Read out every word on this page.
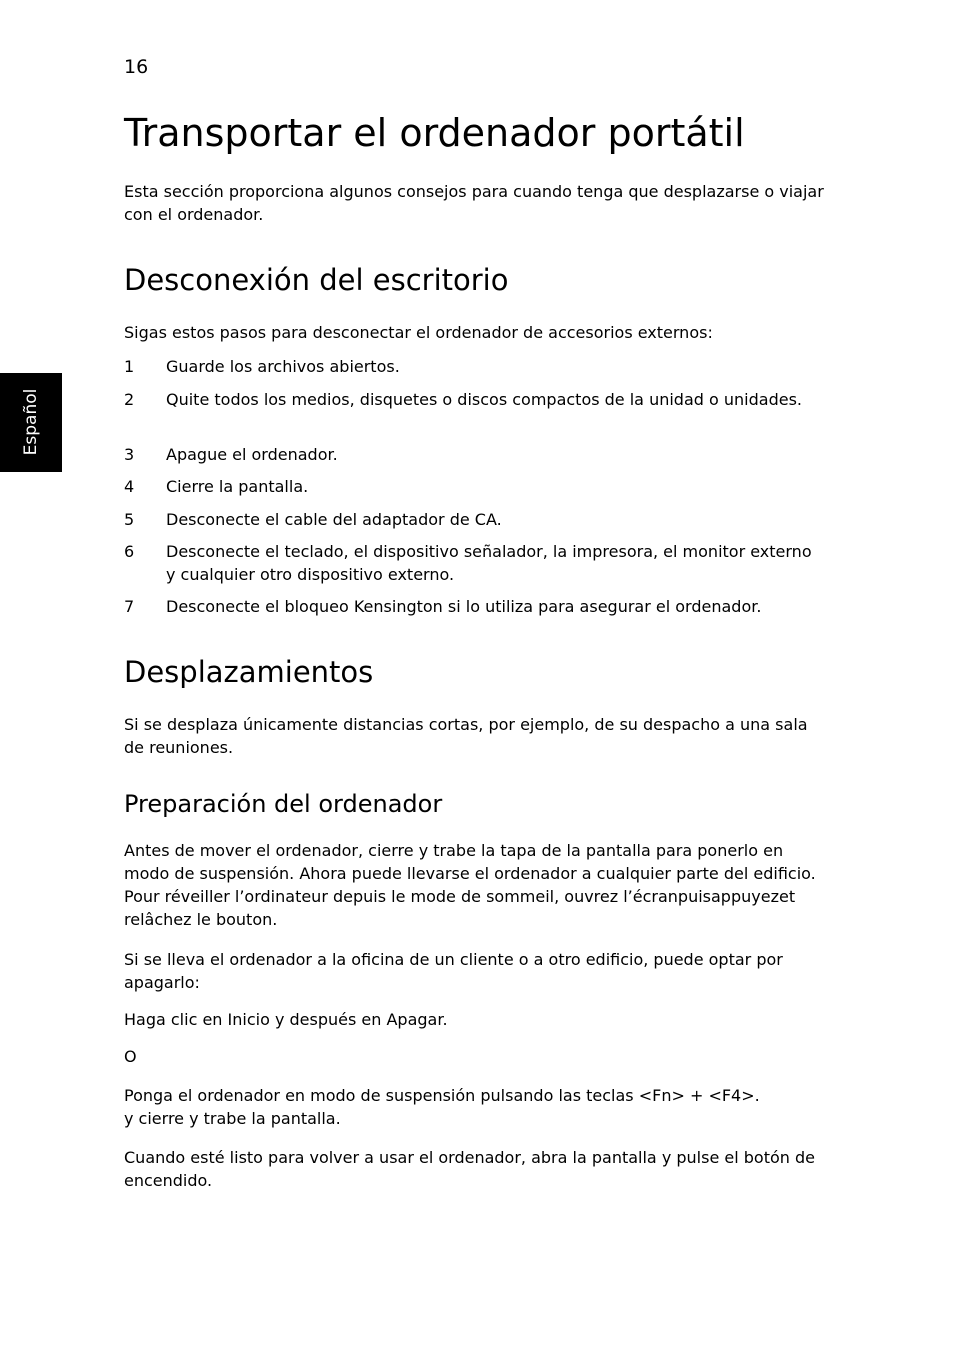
16
Español
Transportar el ordenador portátil

Esta sección proporciona algunos consejos para cuando tenga que desplazarse o viajar con el ordenador.

Desconexión del escritorio

Sigas estos pasos para desconectar el ordenador de accesorios externos:

1 Guarde los archivos abiertos.
2 Quite todos los medios, disquetes o discos compactos de la unidad o unidades.
3 Apague el ordenador.
4 Cierre la pantalla.
5 Desconecte el cable del adaptador de CA.
6 Desconecte el teclado, el dispositivo señalador, la impresora, el monitor externo y cualquier otro dispositivo externo.
7 Desconecte el bloqueo Kensington si lo utiliza para asegurar el ordenador.
Desplazamientos

Si se desplaza únicamente distancias cortas, por ejemplo, de su despacho a una sala de reuniones.

Preparación del ordenador

Antes de mover el ordenador, cierre y trabe la tapa de la pantalla para ponerlo en modo de suspensión. Ahora puede llevarse el ordenador a cualquier parte del edificio. Pour réveiller l’ordinateur depuis le mode de sommeil, ouvrez l’écranpuisappuyezet relâchez le bouton.

Si se lleva el ordenador a la oficina de un cliente o a otro edificio, puede optar por apagarlo:

Haga clic en Inicio y después en Apagar.

O

Ponga el ordenador en modo de suspensión pulsando las teclas <Fn> + <F4>.
y cierre y trabe la pantalla.

Cuando esté listo para volver a usar el ordenador, abra la pantalla y pulse el botón de encendido.
